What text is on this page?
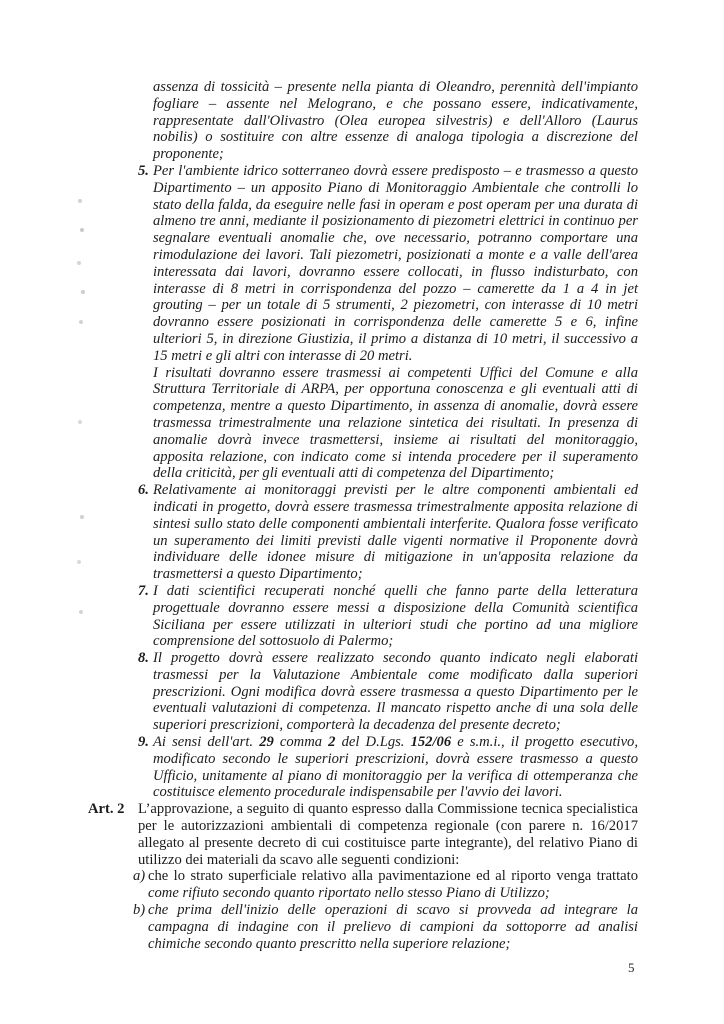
assenza di tossicità – presente nella pianta di Oleandro, perennità dell'impianto fogliare – assente nel Melograno, e che possano essere, indicativamente, rappresentate dall'Olivastro (Olea europea silvestris) e dell'Alloro (Laurus nobilis) o sostituire con altre essenze di analoga tipologia a discrezione del proponente;
5. Per l'ambiente idrico sotterraneo dovrà essere predisposto – e trasmesso a questo Dipartimento – un apposito Piano di Monitoraggio Ambientale che controlli lo stato della falda, da eseguire nelle fasi in operam e post operam per una durata di almeno tre anni, mediante il posizionamento di piezometri elettrici in continuo per segnalare eventuali anomalie che, ove necessario, potranno comportare una rimodulazione dei lavori. Tali piezometri, posizionati a monte e a valle dell'area interessata dai lavori, dovranno essere collocati, in flusso indisturbato, con interasse di 8 metri in corrispondenza del pozzo – camerette da 1 a 4 in jet grouting – per un totale di 5 strumenti, 2 piezometri, con interasse di 10 metri dovranno essere posizionati in corrispondenza delle camerette 5 e 6, infine ulteriori 5, in direzione Giustizia, il primo a distanza di 10 metri, il successivo a 15 metri e gli altri con interasse di 20 metri.
I risultati dovranno essere trasmessi ai competenti Uffici del Comune e alla Struttura Territoriale di ARPA, per opportuna conoscenza e gli eventuali atti di competenza, mentre a questo Dipartimento, in assenza di anomalie, dovrà essere trasmessa trimestralmente una relazione sintetica dei risultati. In presenza di anomalie dovrà invece trasmettersi, insieme ai risultati del monitoraggio, apposita relazione, con indicato come si intenda procedere per il superamento della criticità, per gli eventuali atti di competenza del Dipartimento;
6. Relativamente ai monitoraggi previsti per le altre componenti ambientali ed indicati in progetto, dovrà essere trasmessa trimestralmente apposita relazione di sintesi sullo stato delle componenti ambientali interferite. Qualora fosse verificato un superamento dei limiti previsti dalle vigenti normative il Proponente dovrà individuare delle idonee misure di mitigazione in un'apposita relazione da trasmettersi a questo Dipartimento;
7. I dati scientifici recuperati nonché quelli che fanno parte della letteratura progettuale dovranno essere messi a disposizione della Comunità scientifica Siciliana per essere utilizzati in ulteriori studi che portino ad una migliore comprensione del sottosuolo di Palermo;
8. Il progetto dovrà essere realizzato secondo quanto indicato negli elaborati trasmessi per la Valutazione Ambientale come modificato dalla superiori prescrizioni. Ogni modifica dovrà essere trasmessa a questo Dipartimento per le eventuali valutazioni di competenza. Il mancato rispetto anche di una sola delle superiori prescrizioni, comporterà la decadenza del presente decreto;
9. Ai sensi dell'art. 29 comma 2 del D.Lgs. 152/06 e s.m.i., il progetto esecutivo, modificato secondo le superiori prescrizioni, dovrà essere trasmesso a questo Ufficio, unitamente al piano di monitoraggio per la verifica di ottemperanza che costituisce elemento procedurale indispensabile per l'avvio dei lavori.
Art. 2 L’approvazione, a seguito di quanto espresso dalla Commissione tecnica specialistica per le autorizzazioni ambientali di competenza regionale (con parere n. 16/2017 allegato al presente decreto di cui costituisce parte integrante), del relativo Piano di utilizzo dei materiali da scavo alle seguenti condizioni:
a) che lo strato superficiale relativo alla pavimentazione ed al riporto venga trattato come rifiuto secondo quanto riportato nello stesso Piano di Utilizzo;
b) che prima dell'inizio delle operazioni di scavo si provveda ad integrare la campagna di indagine con il prelievo di campioni da sottoporre ad analisi chimiche secondo quanto prescritto nella superiore relazione;
5
